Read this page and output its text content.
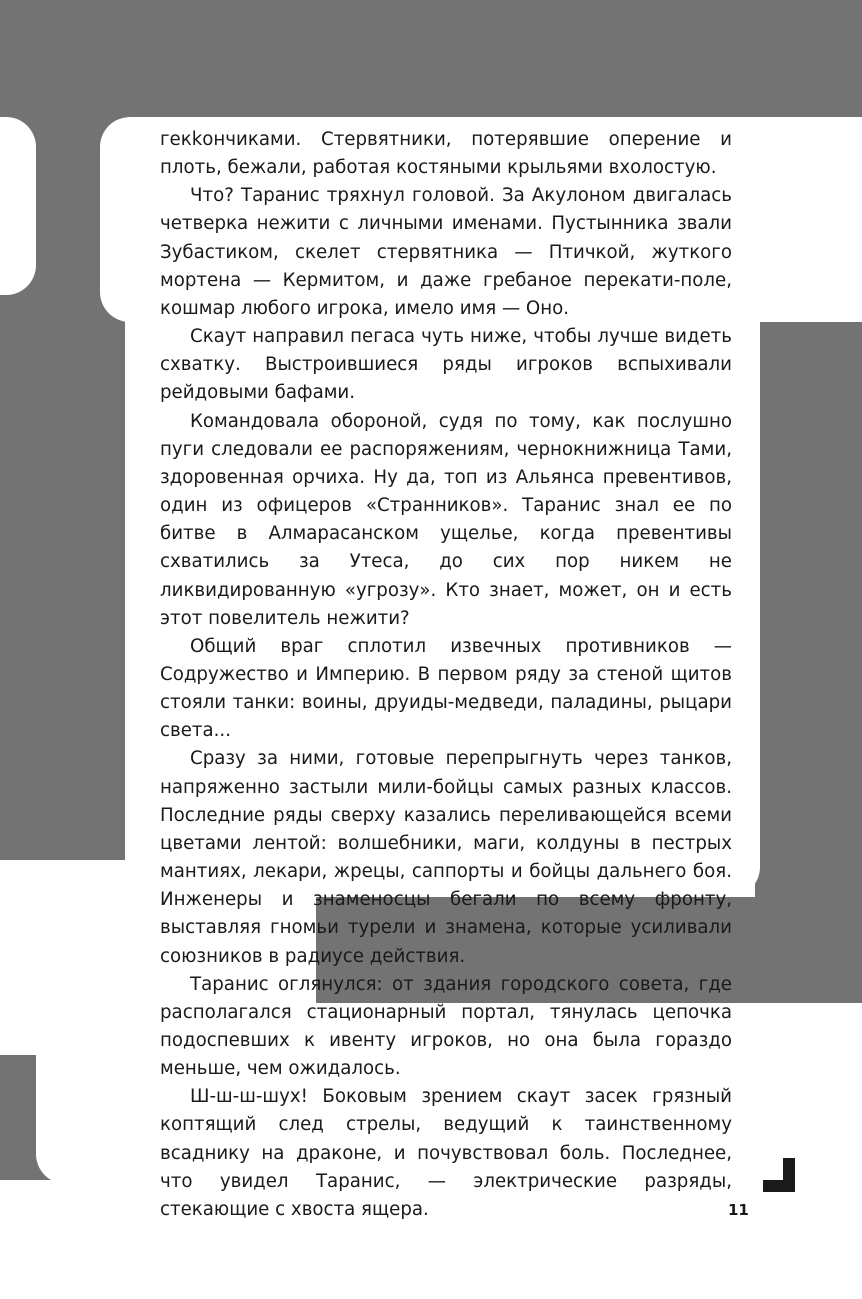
гекkончиками. Стервятники, потерявшие оперение и плоть, бежали, работая костяными крыльями вхолостую.

Что? Таранис тряхнул головой. За Акулоном двигалась четверка нежити с личными именами. Пустынника звали Зубастиком, скелет стервятника — Птичкой, жуткого мортена — Кермитом, и даже гребаное перекати-поле, кошмар любого игрока, имело имя — Оно.

Скаут направил пегаса чуть ниже, чтобы лучше видеть схватку. Выстроившиеся ряды игроков вспыхивали рейдовыми бафами.

Командовала обороной, судя по тому, как послушно пуги следовали ее распоряжениям, чернокнижница Тами, здоровенная орчиха. Ну да, топ из Альянса превентивов, один из офицеров «Странников». Таранис знал ее по битве в Алмарасанском ущелье, когда превентивы схватились за Утеса, до сих пор никем не ликвидированную «угрозу». Кто знает, может, он и есть этот повелитель нежити?

Общий враг сплотил извечных противников — Содружество и Империю. В первом ряду за стеной щитов стояли танки: воины, друиды-медведи, паладины, рыцари света...

Сразу за ними, готовые перепрыгнуть через танков, напряженно застыли мили-бойцы самых разных классов. Последние ряды сверху казались переливающейся всеми цветами лентой: волшебники, маги, колдуны в пестрых мантиях, лекари, жрецы, саппорты и бойцы дальнего боя. Инженеры и знаменосцы бегали по всему фронту, выставляя гномьи турели и знамена, которые усиливали союзников в радиусе действия.

Таранис оглянулся: от здания городского совета, где располагался стационарный портал, тянулась цепочка подоспевших к ивенту игроков, но она была гораздо меньше, чем ожидалось.

Ш-ш-ш-шух! Боковым зрением скаут засек грязный коптящий след стрелы, ведущий к таинственному всаднику на драконе, и почувствовал боль. Последнее, что увидел Таранис, — электрические разряды, стекающие с хвоста ящера.	11
